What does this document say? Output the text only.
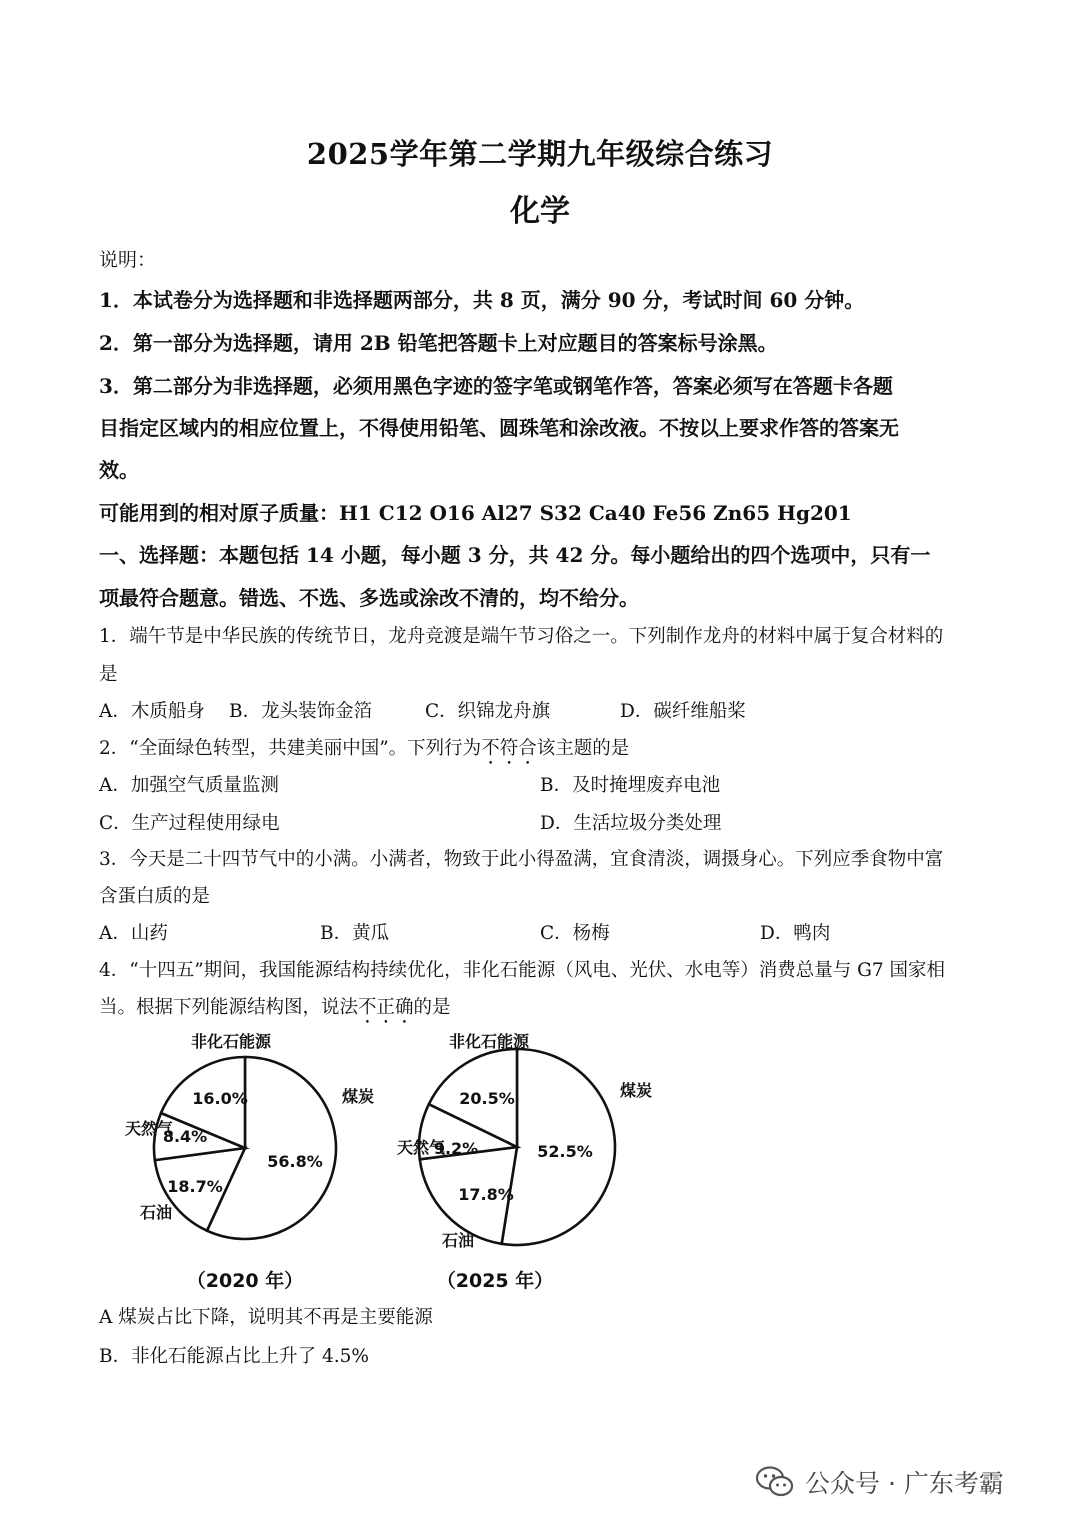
2025学年第二学期九年级综合练习
化学
说明：
1．本试卷分为选择题和非选择题两部分，共 8 页，满分 90 分，考试时间 60 分钟。
2．第一部分为选择题，请用 2B 铅笔把答题卡上对应题目的答案标号涂黑。
3．第二部分为非选择题，必须用黑色字迹的签字笔或钢笔作答，答案必须写在答题卡各题
目指定区域内的相应位置上，不得使用铅笔、圆珠笔和涂改液。不按以上要求作答的答案无
效。
可能用到的相对原子质量：H1 C12 O16 Al27 S32 Ca40 Fe56 Zn65 Hg201
一、选择题：本题包括 14 小题，每小题 3 分，共 42 分。每小题给出的四个选项中，只有一
项最符合题意。错选、不选、多选或涂改不清的，均不给分。
1．端午节是中华民族的传统节日，龙舟竞渡是端午节习俗之一。下列制作龙舟的材料中属于复合材料的
是
A．木质船身 B．龙头装饰金箔	C．织锦龙舟旗	D．碳纤维船桨
2．“全面绿色转型，共建美丽中国”。下列行为不符合该主题的是
A．加强空气质量监测	B．及时掩埋废弃电池
C．生产过程使用绿电	D．生活垃圾分类处理
3．今天是二十四节气中的小满。小满者，物致于此小得盈满，宜食清淡，调摄身心。下列应季食物中富
含蛋白质的是
A．山药	B．黄瓜	C．杨梅	D．鸭肉
4．“十四五”期间，我国能源结构持续优化，非化石能源（风电、光伏、水电等）消费总量与 G7 国家相
当。根据下列能源结构图，说法不正确的是
56.8%
16.0%
8.4%
18.7%
煤炭
非化石能源
天然气
石油
（2020 年）
52.5%
20.5%
9.2%
17.8%
煤炭
非化石能源
天然气
石油
（2025 年）
A 煤炭占比下降，说明其不再是主要能源
B．非化石能源占比上升了 4.5%
公众号 · 广东考霸
